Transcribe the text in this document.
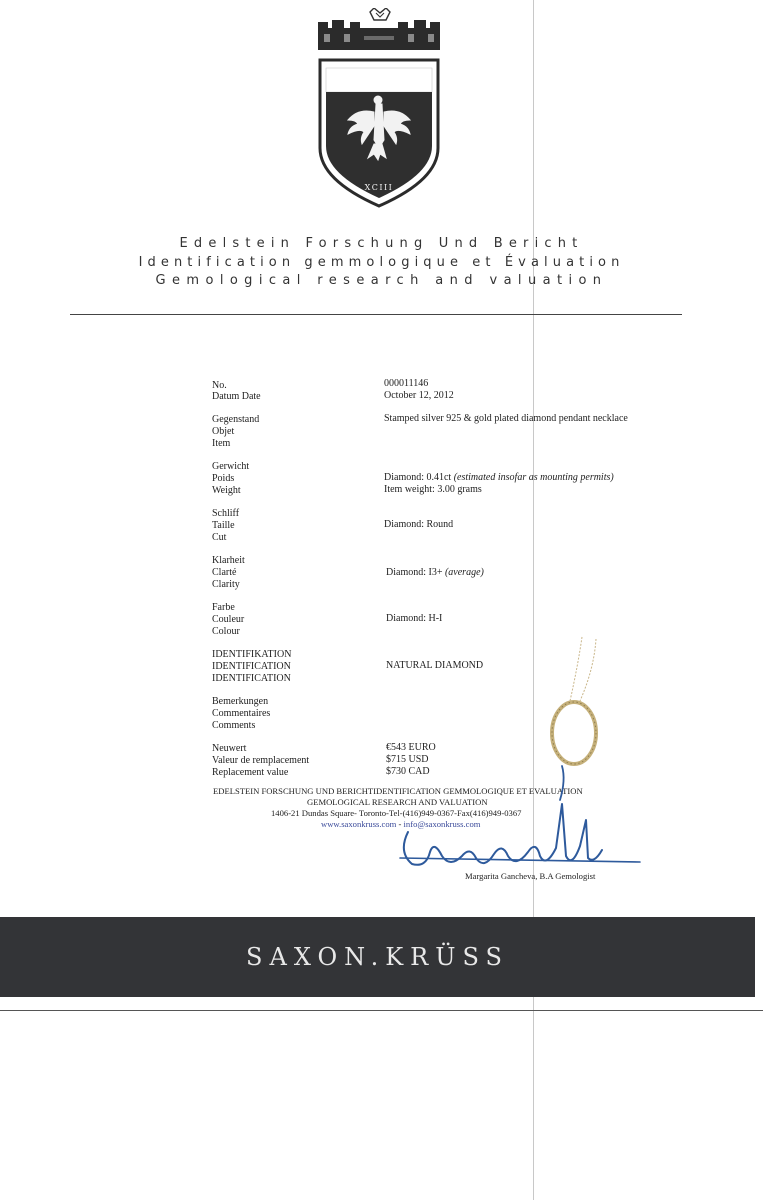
XCIII
Edelstein Forschung Und Bericht
Identification gemmologique et Évaluation
Gemological research and valuation
No.	000011146
Datum Date	October 12, 2012
Gegenstand
Objet
Item
Stamped silver 925 & gold plated diamond pendant necklace
Gerwicht
Poids
Weight
Diamond: 0.41ct (estimated insofar as mounting permits)
Item weight: 3.00 grams
Schliff
Taille
Cut
Diamond: Round
Klarheit
Clarté
Clarity
Diamond: I3+ (average)
Farbe
Couleur
Colour
Diamond: H-I
IDENTIFIKATION
IDENTIFICATION
IDENTIFICATION
NATURAL DIAMOND
Bemerkungen
Commentaires
Comments
Neuwert
Valeur de remplacement
Replacement value
€543 EURO
$715 USD
$730 CAD
EDELSTEIN FORSCHUNG UND BERICHTIDENTIFICATION GEMMOLOGIQUE ET EVALUATION
GEMOLOGICAL RESEARCH AND VALUATION
1406-21 Dundas Square- Toronto-Tel-(416)949-0367-Fax(416)949-0367
www.saxonkruss.com - info@saxonkruss.com
Margarita Gancheva, B.A Gemologist
SAXON.KRÜSS
